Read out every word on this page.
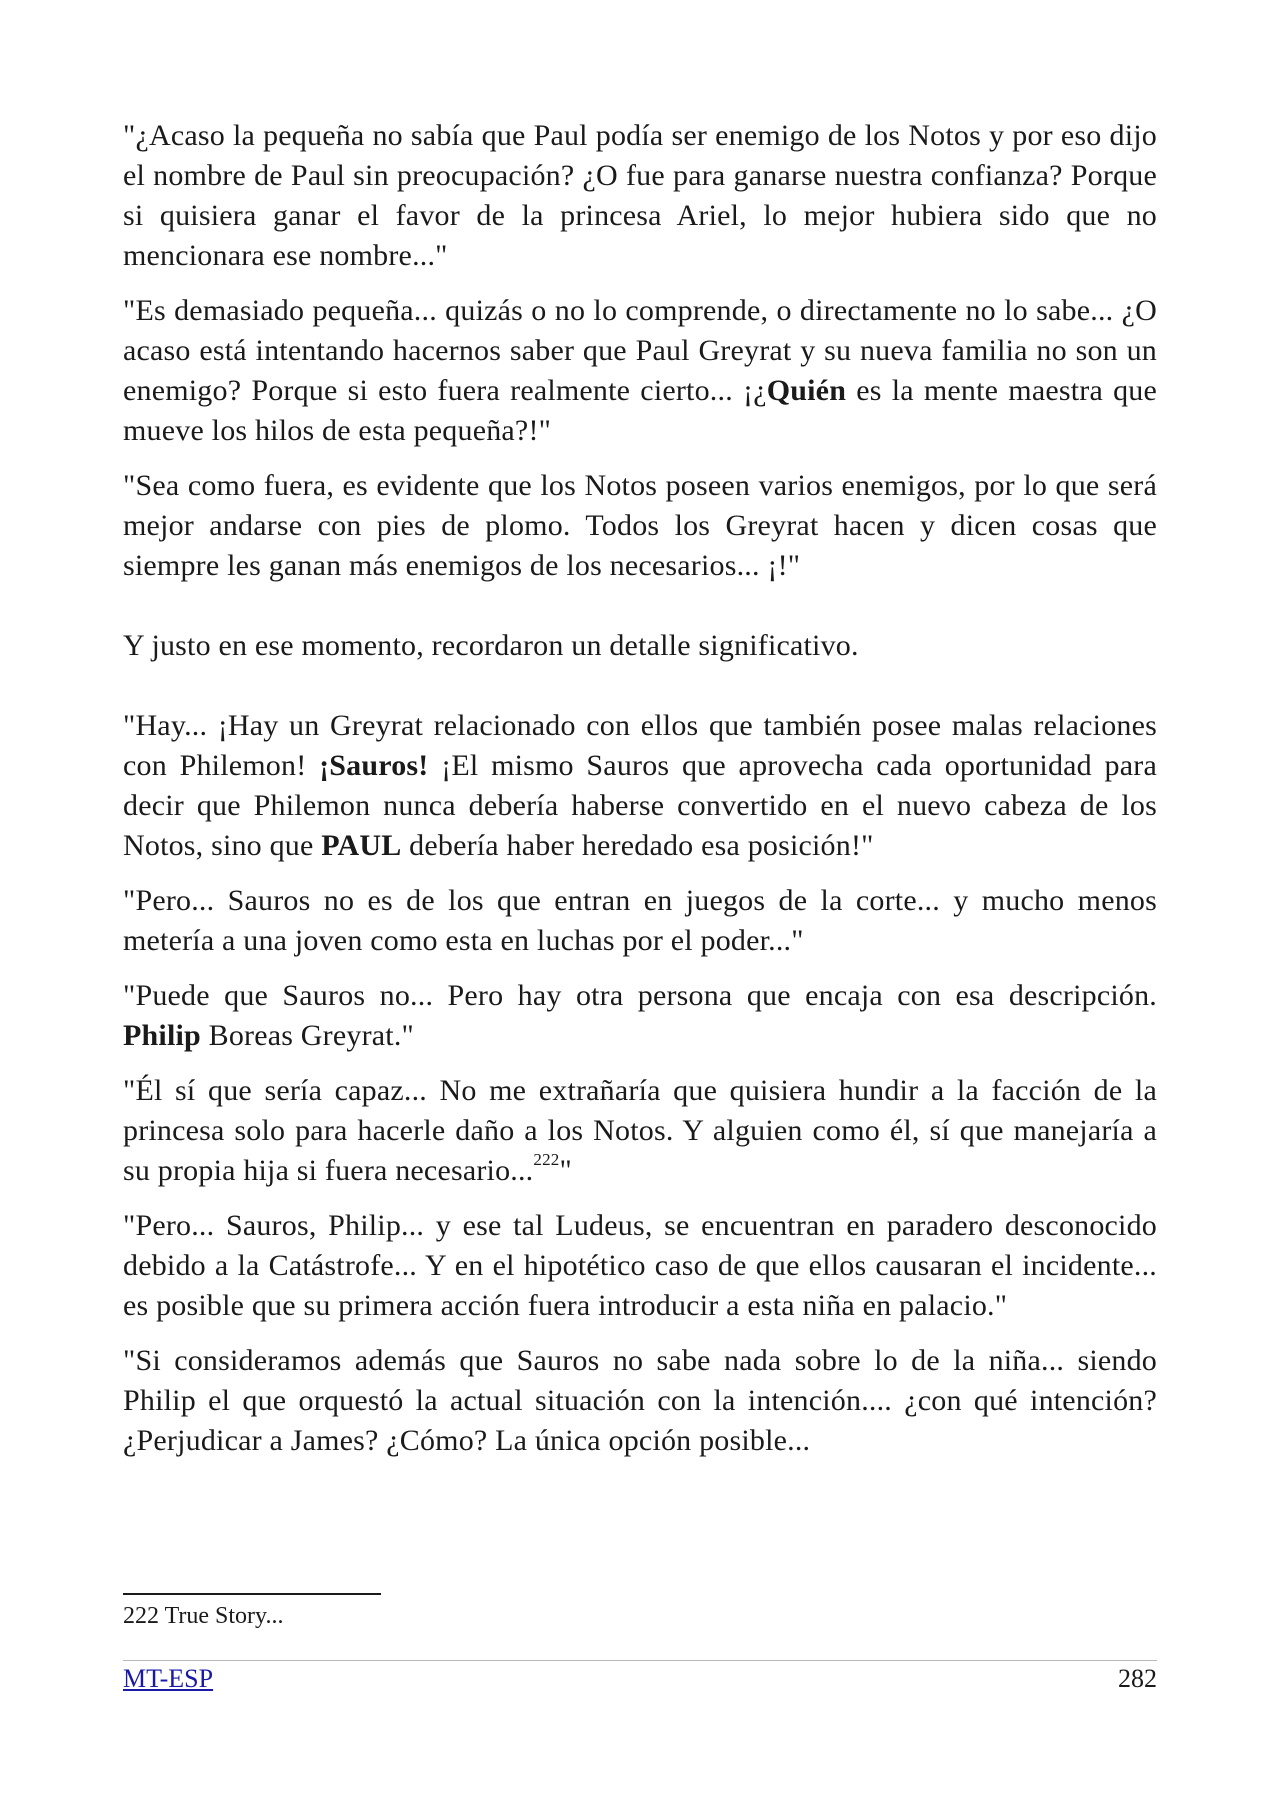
"¿Acaso la pequeña no sabía que Paul podía ser enemigo de los Notos y por eso dijo el nombre de Paul sin preocupación? ¿O fue para ganarse nuestra confianza? Porque si quisiera ganar el favor de la princesa Ariel, lo mejor hubiera sido que no mencionara ese nombre..."

"Es demasiado pequeña... quizás o no lo comprende, o directamente no lo sabe... ¿O acaso está intentando hacernos saber que Paul Greyrat y su nueva familia no son un enemigo? Porque si esto fuera realmente cierto... ¡¿Quién es la mente maestra que mueve los hilos de esta pequeña?!"

"Sea como fuera, es evidente que los Notos poseen varios enemigos, por lo que será mejor andarse con pies de plomo. Todos los Greyrat hacen y dicen cosas que siempre les ganan más enemigos de los necesarios... ¡!"

Y justo en ese momento, recordaron un detalle significativo.

"Hay... ¡Hay un Greyrat relacionado con ellos que también posee malas relaciones con Philemon! ¡Sauros! ¡El mismo Sauros que aprovecha cada oportunidad para decir que Philemon nunca debería haberse convertido en el nuevo cabeza de los Notos, sino que PAUL debería haber heredado esa posición!"

"Pero... Sauros no es de los que entran en juegos de la corte... y mucho menos metería a una joven como esta en luchas por el poder..."

"Puede que Sauros no... Pero hay otra persona que encaja con esa descripción. Philip Boreas Greyrat."

"Él sí que sería capaz... No me extrañaría que quisiera hundir a la facción de la princesa solo para hacerle daño a los Notos. Y alguien como él, sí que manejaría a su propia hija si fuera necesario...$^{222}$"

"Pero... Sauros, Philip... y ese tal Ludeus, se encuentran en paradero desconocido debido a la Catástrofe... Y en el hipotético caso de que ellos causaran el incidente... es posible que su primera acción fuera introducir a esta niña en palacio."

"Si consideramos además que Sauros no sabe nada sobre lo de la niña... siendo Philip el que orquestó la actual situación con la intención.... ¿con qué intención? ¿Perjudicar a James? ¿Cómo? La única opción posible...

222 True Story...
MT-ESP	282
